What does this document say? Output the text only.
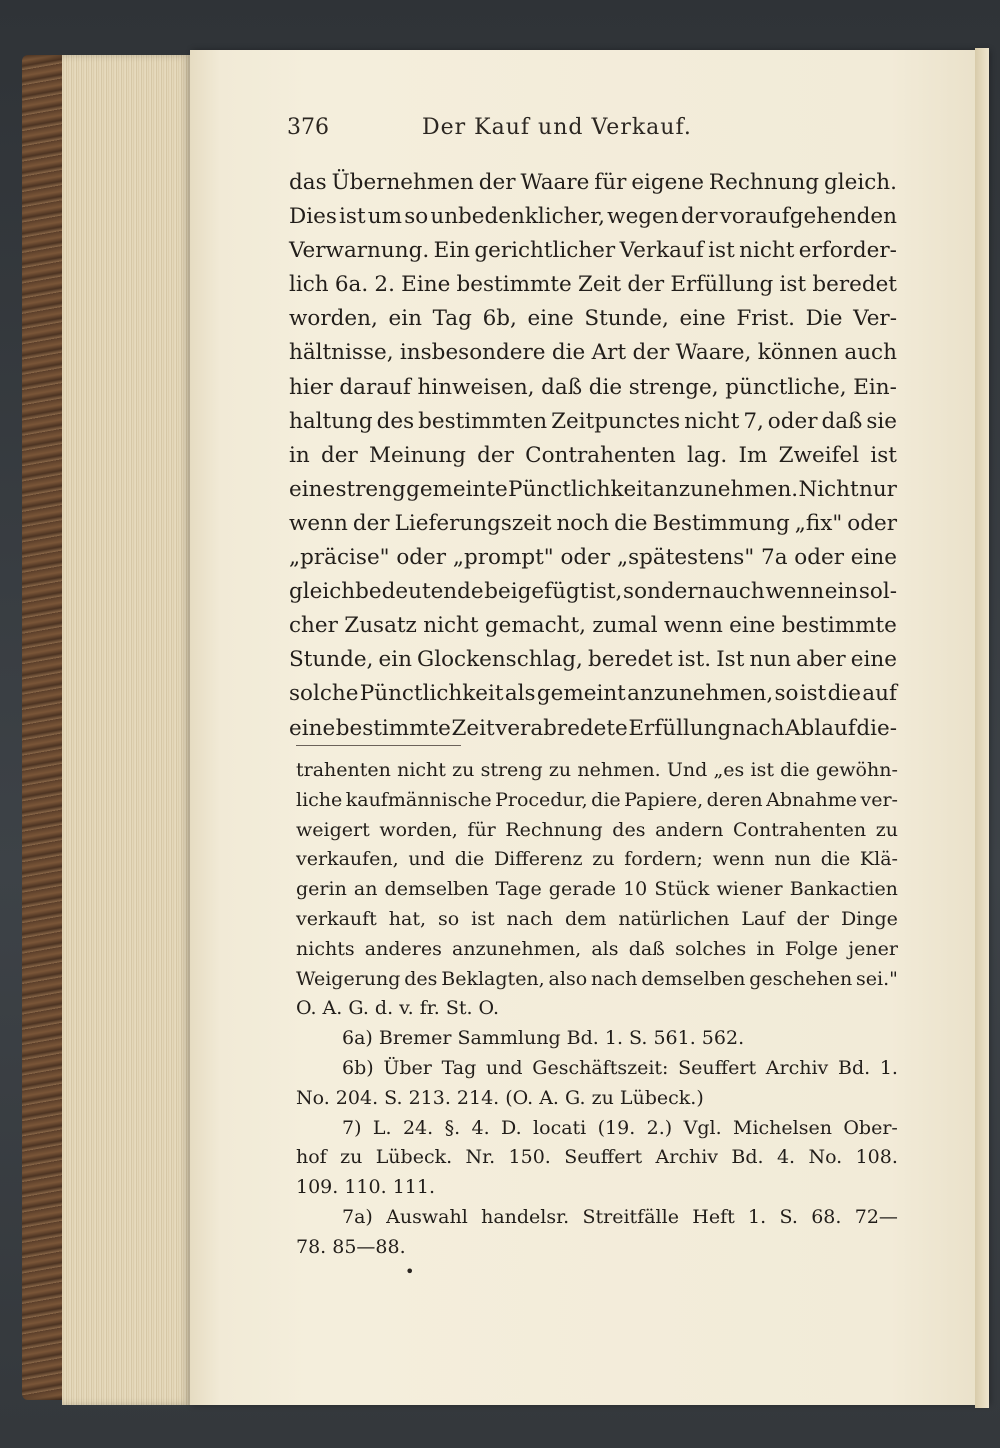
376	Der Kauf und Verkauf.
das Übernehmen der Waare für eigene Rechnung gleich.
Dies ist um so unbedenklicher, wegen der voraufgehenden
Verwarnung. Ein gerichtlicher Verkauf ist nicht erforder-
lich 6a. 2. Eine bestimmte Zeit der Erfüllung ist beredet
worden, ein Tag 6b, eine Stunde, eine Frist. Die Ver-
hältnisse, insbesondere die Art der Waare, können auch
hier darauf hinweisen, daß die strenge, pünctliche, Ein-
haltung des bestimmten Zeitpunctes nicht 7, oder daß sie
in der Meinung der Contrahenten lag. Im Zweifel ist
eine streng gemeinte Pünctlichkeit anzunehmen. Nicht nur
wenn der Lieferungszeit noch die Bestimmung „fix" oder
„präcise" oder „prompt" oder „spätestens" 7a oder eine
gleichbedeutende beigefügt ist, sondern auch wenn ein sol-
cher Zusatz nicht gemacht, zumal wenn eine bestimmte
Stunde, ein Glockenschlag, beredet ist. Ist nun aber eine
solche Pünctlichkeit als gemeint anzunehmen, so ist die auf
eine bestimmte Zeit verabredete Erfüllung nach Ablauf die-
trahenten nicht zu streng zu nehmen. Und „es ist die gewöhn-
liche kaufmännische Procedur, die Papiere, deren Abnahme ver-
weigert worden, für Rechnung des andern Contrahenten zu
verkaufen, und die Differenz zu fordern; wenn nun die Klä-
gerin an demselben Tage gerade 10 Stück wiener Bankactien
verkauft hat, so ist nach dem natürlichen Lauf der Dinge
nichts anderes anzunehmen, als daß solches in Folge jener
Weigerung des Beklagten, also nach demselben geschehen sei."
O. A. G. d. v. fr. St. O.
6a) Bremer Sammlung Bd. 1. S. 561. 562.
6b) Über Tag und Geschäftszeit: Seuffert Archiv Bd. 1.
No. 204. S. 213. 214. (O. A. G. zu Lübeck.)
7) L. 24. §. 4. D. locati (19. 2.) Vgl. Michelsen Ober-
hof zu Lübeck. Nr. 150. Seuffert Archiv Bd. 4. No. 108.
109. 110. 111.
7a) Auswahl handelsr. Streitfälle Heft 1. S. 68. 72—
78. 85—88.
•
